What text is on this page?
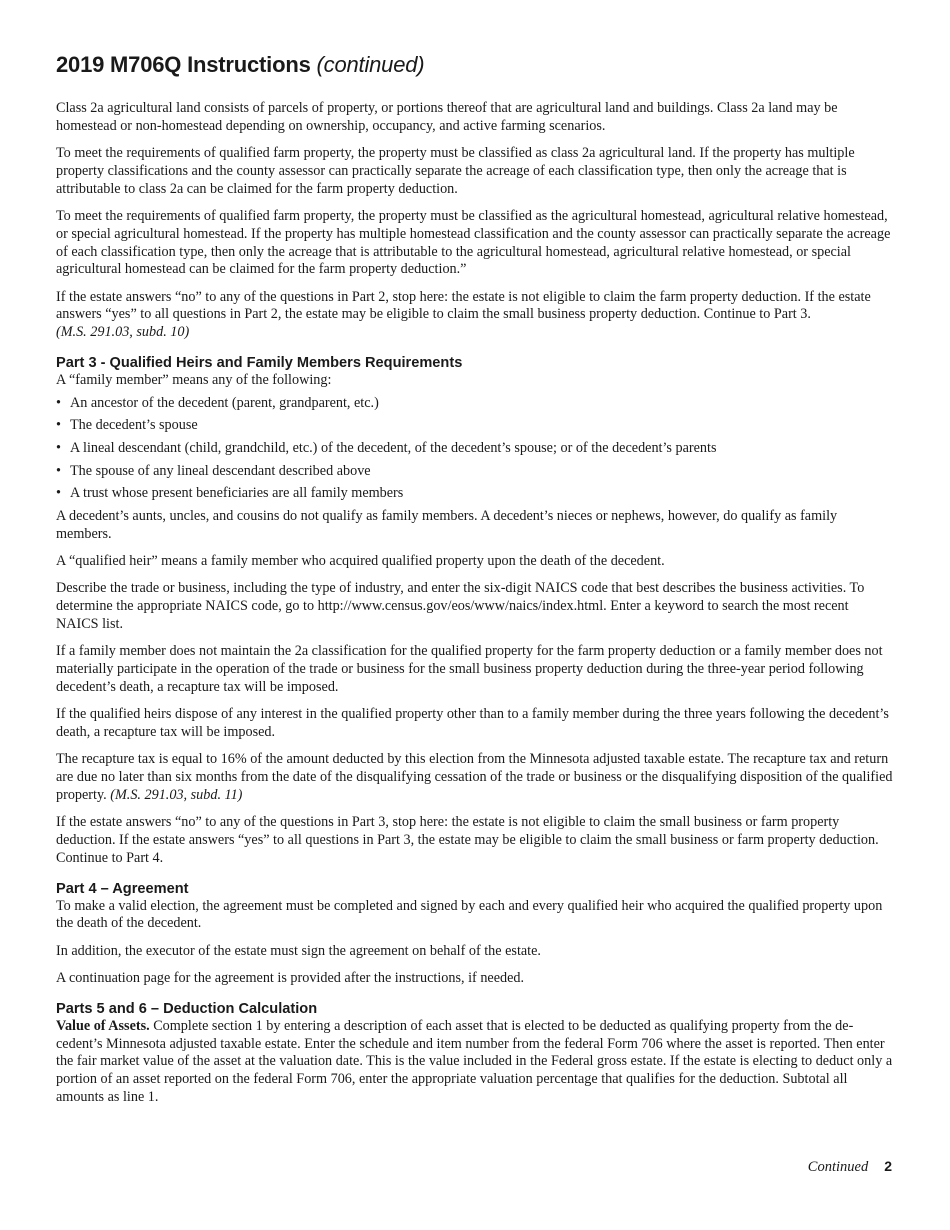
2019 M706Q Instructions (continued)

Class 2a agricultural land consists of parcels of property, or portions thereof that are agricultural land and buildings. Class 2a land may be homestead or non-homestead depending on ownership, occupancy, and active farming scenarios.

To meet the requirements of qualified farm property, the property must be classified as class 2a agricultural land. If the property has multiple property classifications and the county assessor can practically separate the acreage of each classification type, then only the acreage that is attributable to class 2a can be claimed for the farm property deduction.

To meet the requirements of qualified farm property, the property must be classified as the agricultural homestead, agricultural relative homestead, or special agricultural homestead. If the property has multiple homestead classification and the county assessor can practically separate the acreage of each classification type, then only the acreage that is attributable to the agricultural homestead, agricultural relative homestead, or special agricultural homestead can be claimed for the farm property deduction.”

If the estate answers “no” to any of the questions in Part 2, stop here: the estate is not eligible to claim the farm property deduction. If the estate answers “yes” to all questions in Part 2, the estate may be eligible to claim the small business property deduction. Continue to Part 3.
(M.S. 291.03, subd. 10)

Part 3 - Qualified Heirs and Family Members Requirements

A “family member” means any of the following:

• An ancestor of the decedent (parent, grandparent, etc.)
• The decedent’s spouse
• A lineal descendant (child, grandchild, etc.) of the decedent, of the decedent’s spouse; or of the decedent’s parents
• The spouse of any lineal descendant described above
• A trust whose present beneficiaries are all family members

A decedent’s aunts, uncles, and cousins do not qualify as family members. A decedent’s nieces or nephews, however, do qualify as family members.

A “qualified heir” means a family member who acquired qualified property upon the death of the decedent.

Describe the trade or business, including the type of industry, and enter the six-digit NAICS code that best describes the business activities. To determine the appropriate NAICS code, go to http://www.census.gov/eos/www/naics/index.html. Enter a keyword to search the most recent NAICS list.

If a family member does not maintain the 2a classification for the qualified property for the farm property deduction or a family member does not materially participate in the operation of the trade or business for the small business property deduction during the three-year period following decedent’s death, a recapture tax will be imposed.

If the qualified heirs dispose of any interest in the qualified property other than to a family member during the three years following the decedent’s death, a recapture tax will be imposed.

The recapture tax is equal to 16% of the amount deducted by this election from the Minnesota adjusted taxable estate. The recapture tax and return are due no later than six months from the date of the disqualifying cessation of the trade or business or the disqualifying disposition of the qualified property. (M.S. 291.03, subd. 11)

If the estate answers “no” to any of the questions in Part 3, stop here: the estate is not eligible to claim the small business or farm property deduction. If the estate answers “yes” to all questions in Part 3, the estate may be eligible to claim the small business or farm property deduction. Continue to Part 4.

Part 4 – Agreement

To make a valid election, the agreement must be completed and signed by each and every qualified heir who acquired the qualified property upon the death of the decedent.

In addition, the executor of the estate must sign the agreement on behalf of the estate.

A continuation page for the agreement is provided after the instructions, if needed.

Parts 5 and 6 – Deduction Calculation

Value of Assets. Complete section 1 by entering a description of each asset that is elected to be deducted as qualifying property from the decedent’s Minnesota adjusted taxable estate. Enter the schedule and item number from the federal Form 706 where the asset is reported. Then enter the fair market value of the asset at the valuation date. This is the value included in the Federal gross estate. If the estate is electing to deduct only a portion of an asset reported on the federal Form 706, enter the appropriate valuation percentage that qualifies for the deduction. Subtotal all amounts as line 1.

Continued 2
